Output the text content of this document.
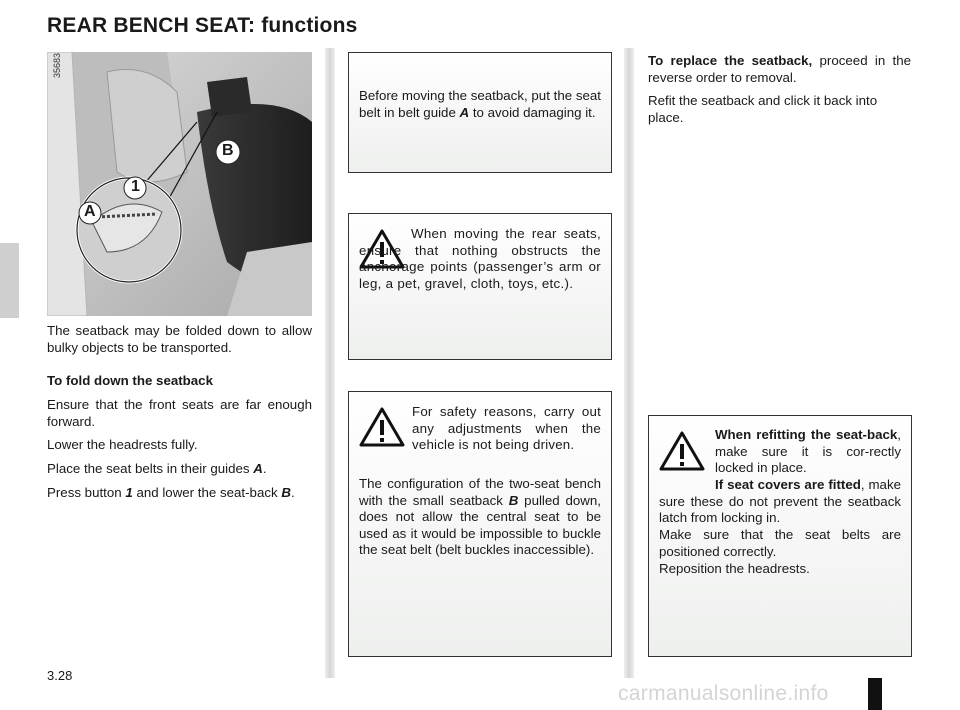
REAR BENCH SEAT: functions
B
1
A
35683

The seatback may be folded down to allow bulky objects to be transported.

To fold down the seatback

Ensure that the front seats are far enough forward.

Lower the headrests fully.

Place the seat belts in their guides A.

Press button 1 and lower the seat-back B.

Before moving the seatback, put the seat belt in belt guide A to avoid damaging it.

When moving the rear seats, ensure that nothing obstructs the anchorage points (passenger’s arm or leg, a pet, gravel, cloth, toys, etc.).

For safety reasons, carry out any adjustments when the vehicle is not being driven.

The configuration of the two-seat bench with the small seatback B pulled down, does not allow the central seat to be used as it would be impossible to buckle the seat belt (belt buckles inaccessible).

To replace the seatback, proceed in the reverse order to removal.

Refit the seatback and click it back into place.

When refitting the seat-back, make sure it is cor-rectly locked in place.

If seat covers are fitted, make sure these do not prevent the seatback latch from locking in.

Make sure that the seat belts are positioned correctly.

Reposition the headrests.

3.28
carmanualsonline.info
